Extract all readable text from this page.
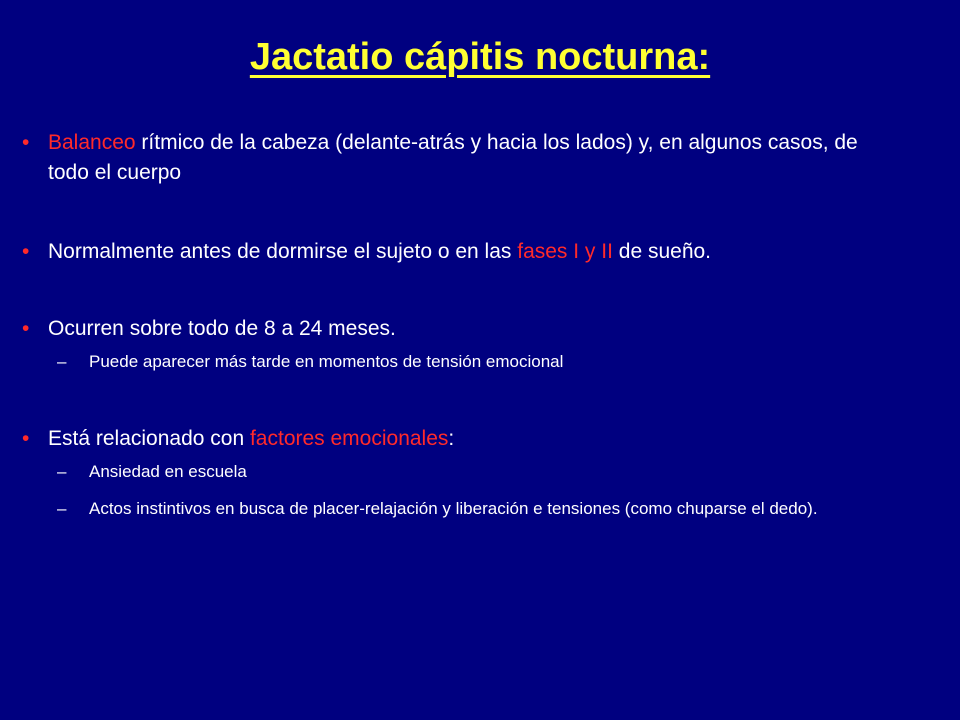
Jactatio cápitis nocturna:
• Balanceo rítmico de la cabeza (delante-atrás y hacia los lados) y, en algunos casos, de todo el cuerpo
• Normalmente antes de dormirse el sujeto o en las fases I y II de sueño.
• Ocurren sobre todo de 8 a 24 meses.
– Puede aparecer más tarde en momentos de tensión emocional
• Está relacionado con factores emocionales:
– Ansiedad en escuela
– Actos instintivos en busca de placer-relajación y liberación e tensiones (como chuparse el dedo).
